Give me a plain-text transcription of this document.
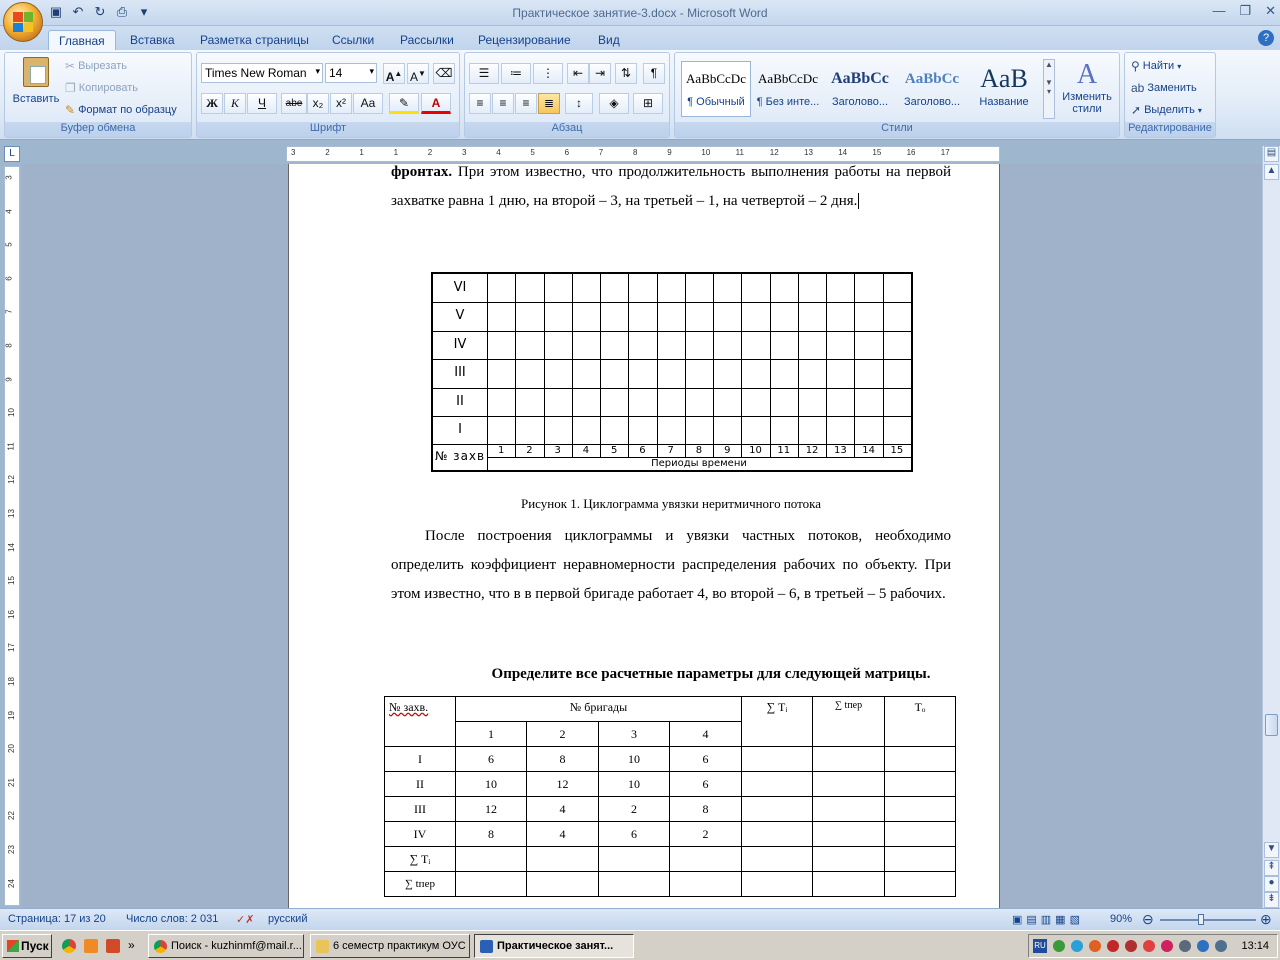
▣ ↶ ↻ ⎙	▾	Практическое занятие-3.docx - Microsoft Word	— ❐ ✕
Главная	Вставка	Разметка страницы	Ссылки	Рассылки	Рецензирование	Вид	?
Вставить
✂ Вырезать
❐ Копировать
✎ Формат по образцу
Буфер обмена
Times New Roman ▾ 14	▾ A▲ A▼ ⌫
Ж	К	Ч	abe x₂	x²	Aa	✎	A
Шрифт
☰	≔	⋮	⇤ ⇥	⇅	¶
≡	≡	≡	≣	↕	◈	⊞
Абзац
AaBbCcDc
¶ Обычный
AaBbCcDc
¶ Без инте...
AaBbCc
Заголово...
AaBbCc
Заголово...
AaB
Название
▲

▼
▾
A
Изменить стили
Стили
⚲ Найти ▾
ab Заменить
➚ Выделить ▾
Редактирование
L	3	2	1	1	2	3	4	5	6	7	8	9	10	11	12	13	14	15	16	17
3
4
5
6
7
8
9
10
11
12
13
14
15
16
17
18
19
20
21
22
23
24
фронтах. При этом известно, что продолжительность выполнения работы на первой захватке равна 1 дню, на второй – 3, на третьей – 1, на четвертой – 2 дня.
VI
V
IV
III
II
I
№ захв	1	2	3	4	5	6	7	8	9	10	11	12	13	14	15
Периоды времени
Рисунок 1. Циклограмма увязки неритмичного потока
После построения циклограммы и увязки частных потоков, необходимо определить коэффициент неравномерности распределения рабочих по объекту. При этом известно, что в в первой бригаде работает 4, во второй – 6, в третьей – 5 рабочих.
Определите все расчетные параметры для следующей матрицы.
№ захв.	№ бригады				∑ Tᵢ	∑ tпер	Tₒ
	1	2	3	4			
I	6	8	10	6			
II	10	12	10	6			
III	12	4	2	8			
IV	8	4	6	2			
∑ Tᵢ							
∑ tпер							
▤
▲
▼
⇞
●
⇟
Страница: 17 из 20 Число слов: 2 031 ✓✗ русский	▣▤▥▦▧ 90% ⊖	⊕
Пуск	»	Поиск - kuzhinmf@mail.r...	6 семестр практикум ОУС	Практическое занят...	RU	13:14
